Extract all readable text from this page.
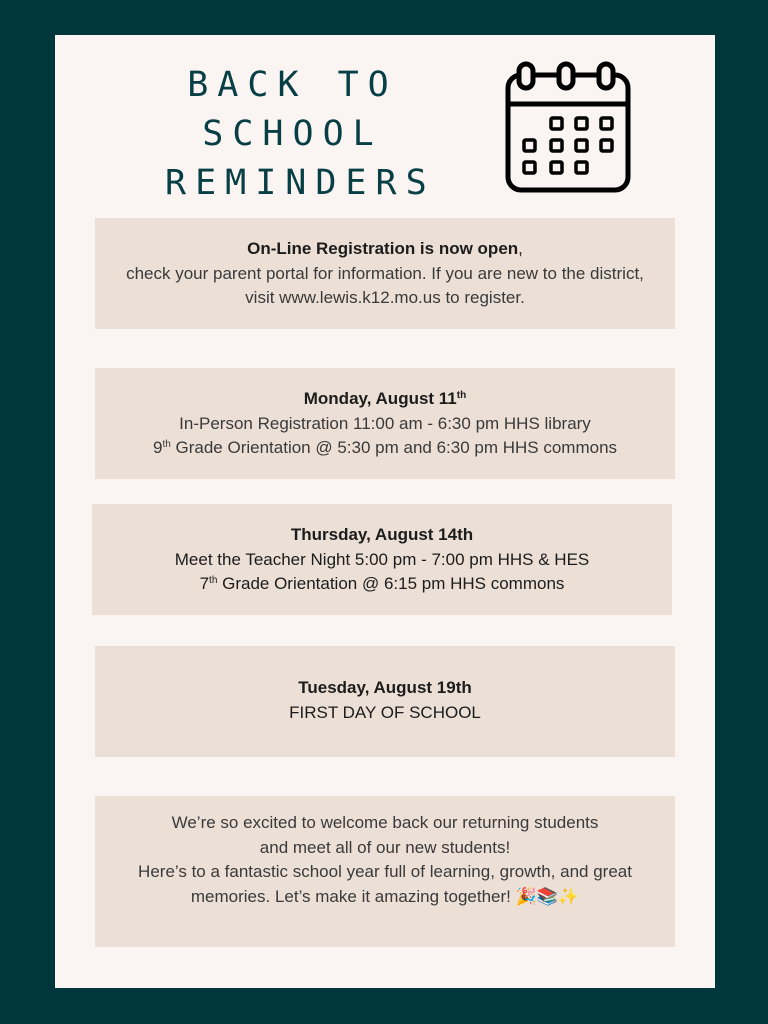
BACK TO
SCHOOL
REMINDERS
On-Line Registration is now open,
check your parent portal for information. If you are new to the district,
visit www.lewis.k12.mo.us to register.
Monday, August 11th
In-Person Registration 11:00 am - 6:30 pm HHS library
9th Grade Orientation @ 5:30 pm and 6:30 pm HHS commons
Thursday, August 14th
Meet the Teacher Night 5:00 pm - 7:00 pm HHS & HES
7th Grade Orientation @ 6:15 pm HHS commons
Tuesday, August 19th
FIRST DAY OF SCHOOL
We’re so excited to welcome back our returning students
and meet all of our new students!
Here’s to a fantastic school year full of learning, growth, and great
memories. Let’s make it amazing together! 🎉📚✨
